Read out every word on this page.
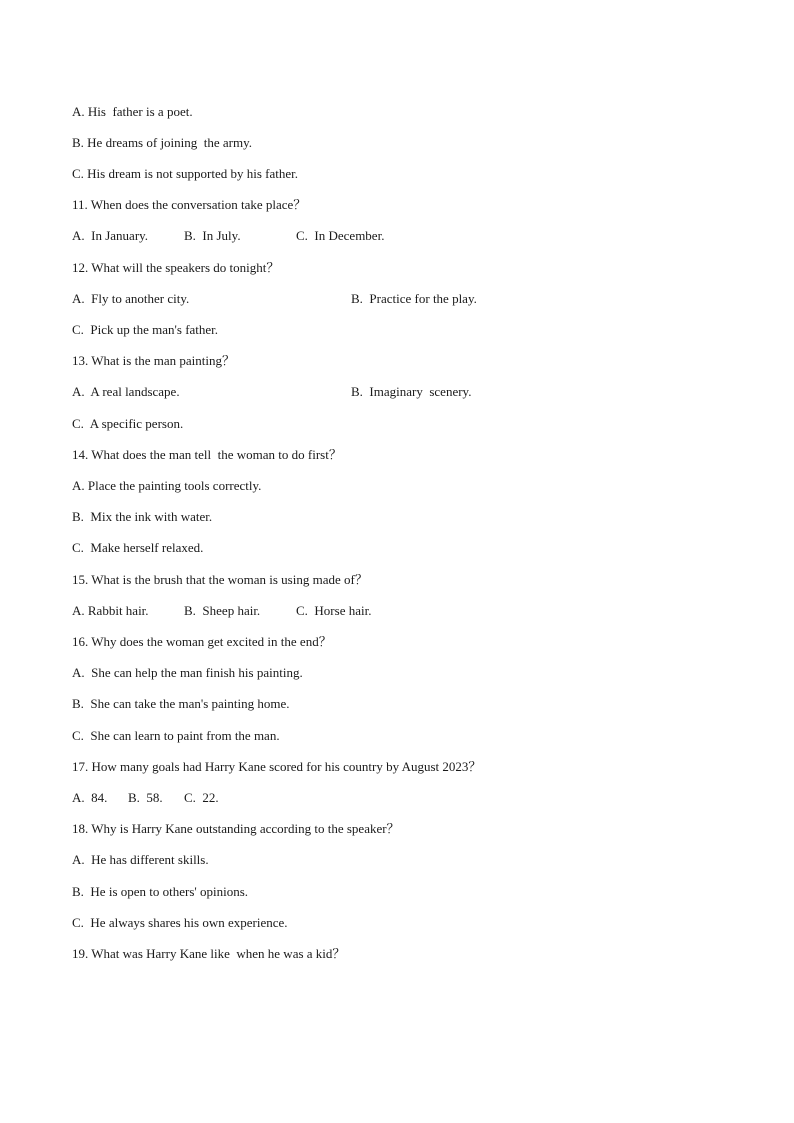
A. His  father is a poet.
B. He dreams of joining  the army.
C. His dream is not supported by his father.
11. When does the conversation take place？

A.  In January.

	B.  In July.

	C.  In December.

12. What will the speakers do tonight？

A.  Fly to another city.

	B.  Practice for the play.

C.  Pick up the man's father.
13. What is the man painting？

A.  A real landscape.

	B.  Imaginary  scenery.

C.  A specific person.
14. What does the man tell  the woman to do first？
A. Place the painting tools correctly.
B.  Mix the ink with water.
C.  Make herself relaxed.
15. What is the brush that the woman is using made of？

A. Rabbit hair.

	B.  Sheep hair.

	C.  Horse hair.

16. Why does the woman get excited in the end？
A.  She can help the man finish his painting.
B.  She can take the man's painting home.
C.  She can learn to paint from the man.
17. How many goals had Harry Kane scored for his country by August 2023？

A.  84.

B.  58.

C.  22.

18. Why is Harry Kane outstanding according to the speaker？
A.  He has different skills.
B.  He is open to others' opinions.
C.  He always shares his own experience.
19. What was Harry Kane like  when he was a kid？
